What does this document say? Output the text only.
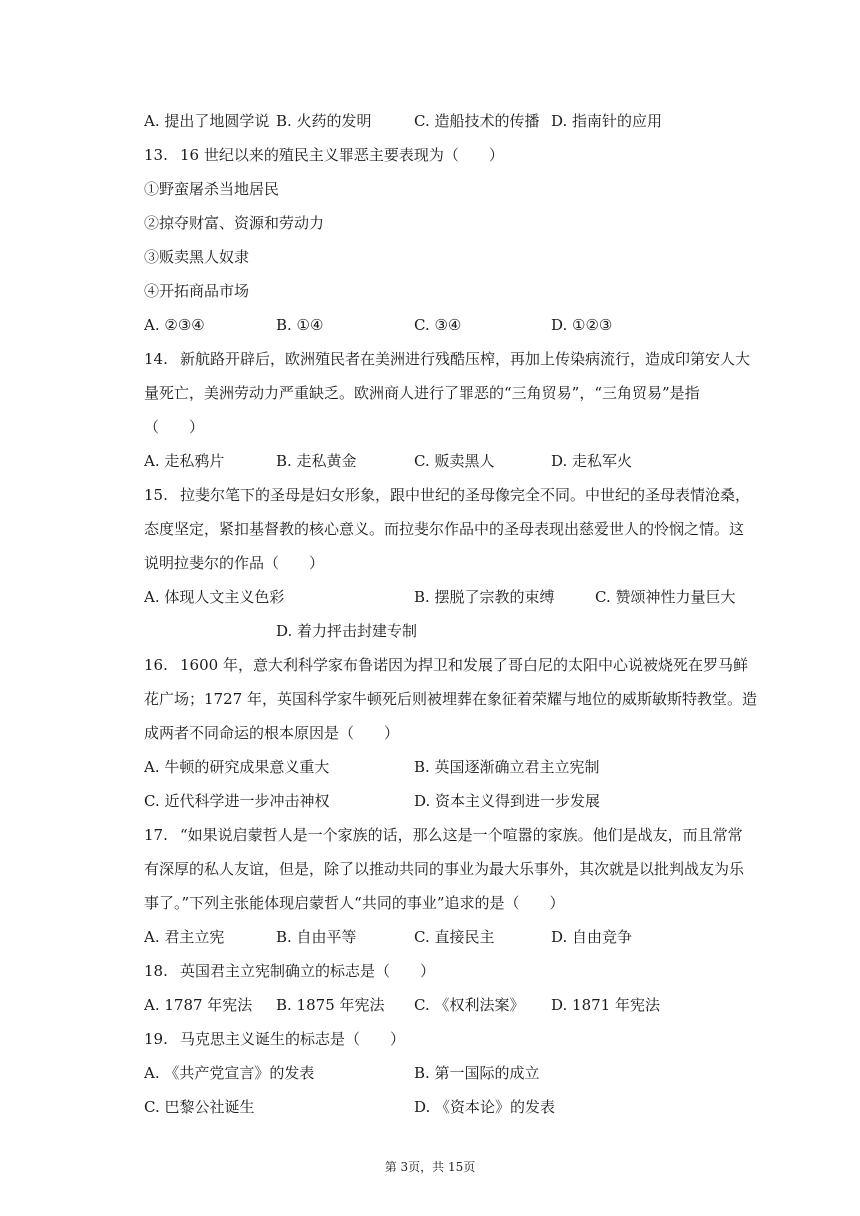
A. 提出了地圆学说 B. 火药的发明	C. 造船技术的传播 D. 指南针的应用
13. 16 世纪以来的殖民主义罪恶主要表现为（　　）
①野蛮屠杀当地居民
②掠夺财富、资源和劳动力
③贩卖黑人奴隶
④开拓商品市场
A. ②③④	B. ①④	C. ③④	D. ①②③
14. 新航路开辟后，欧洲殖民者在美洲进行残酷压榨，再加上传染病流行，造成印第安人大
量死亡，美洲劳动力严重缺乏。欧洲商人进行了罪恶的“三角贸易”，“三角贸易”是指
（　　）
A. 走私鸦片	B. 走私黄金	C. 贩卖黑人	D. 走私军火
15. 拉斐尔笔下的圣母是妇女形象，跟中世纪的圣母像完全不同。中世纪的圣母表情沧桑，
态度坚定，紧扣基督教的核心意义。而拉斐尔作品中的圣母表现出慈爱世人的怜悯之情。这
说明拉斐尔的作品（　　）
A. 体现人文主义色彩	B. 摆脱了宗教的束缚	C. 赞颂神性力量巨大
D. 着力抨击封建专制
16. 1600 年，意大利科学家布鲁诺因为捍卫和发展了哥白尼的太阳中心说被烧死在罗马鲜
花广场；1727 年，英国科学家牛顿死后则被埋葬在象征着荣耀与地位的威斯敏斯特教堂。造
成两者不同命运的根本原因是（　　）
A. 牛顿的研究成果意义重大	B. 英国逐渐确立君主立宪制
C. 近代科学进一步冲击神权	D. 资本主义得到进一步发展
17. “如果说启蒙哲人是一个家族的话，那么这是一个喧嚣的家族。他们是战友，而且常常
有深厚的私人友谊，但是，除了以推动共同的事业为最大乐事外，其次就是以批判战友为乐
事了。”下列主张能体现启蒙哲人“共同的事业”追求的是（　　）
A. 君主立宪	B. 自由平等	C. 直接民主	D. 自由竞争
18. 英国君主立宪制确立的标志是（　　）
A. 1787 年宪法 B. 1875 年宪法 C. 《权利法案》 D. 1871 年宪法
19. 马克思主义诞生的标志是（　　）
A. 《共产党宣言》的发表	B. 第一国际的成立
C. 巴黎公社诞生	D. 《资本论》的发表
第 3页，共 15页
